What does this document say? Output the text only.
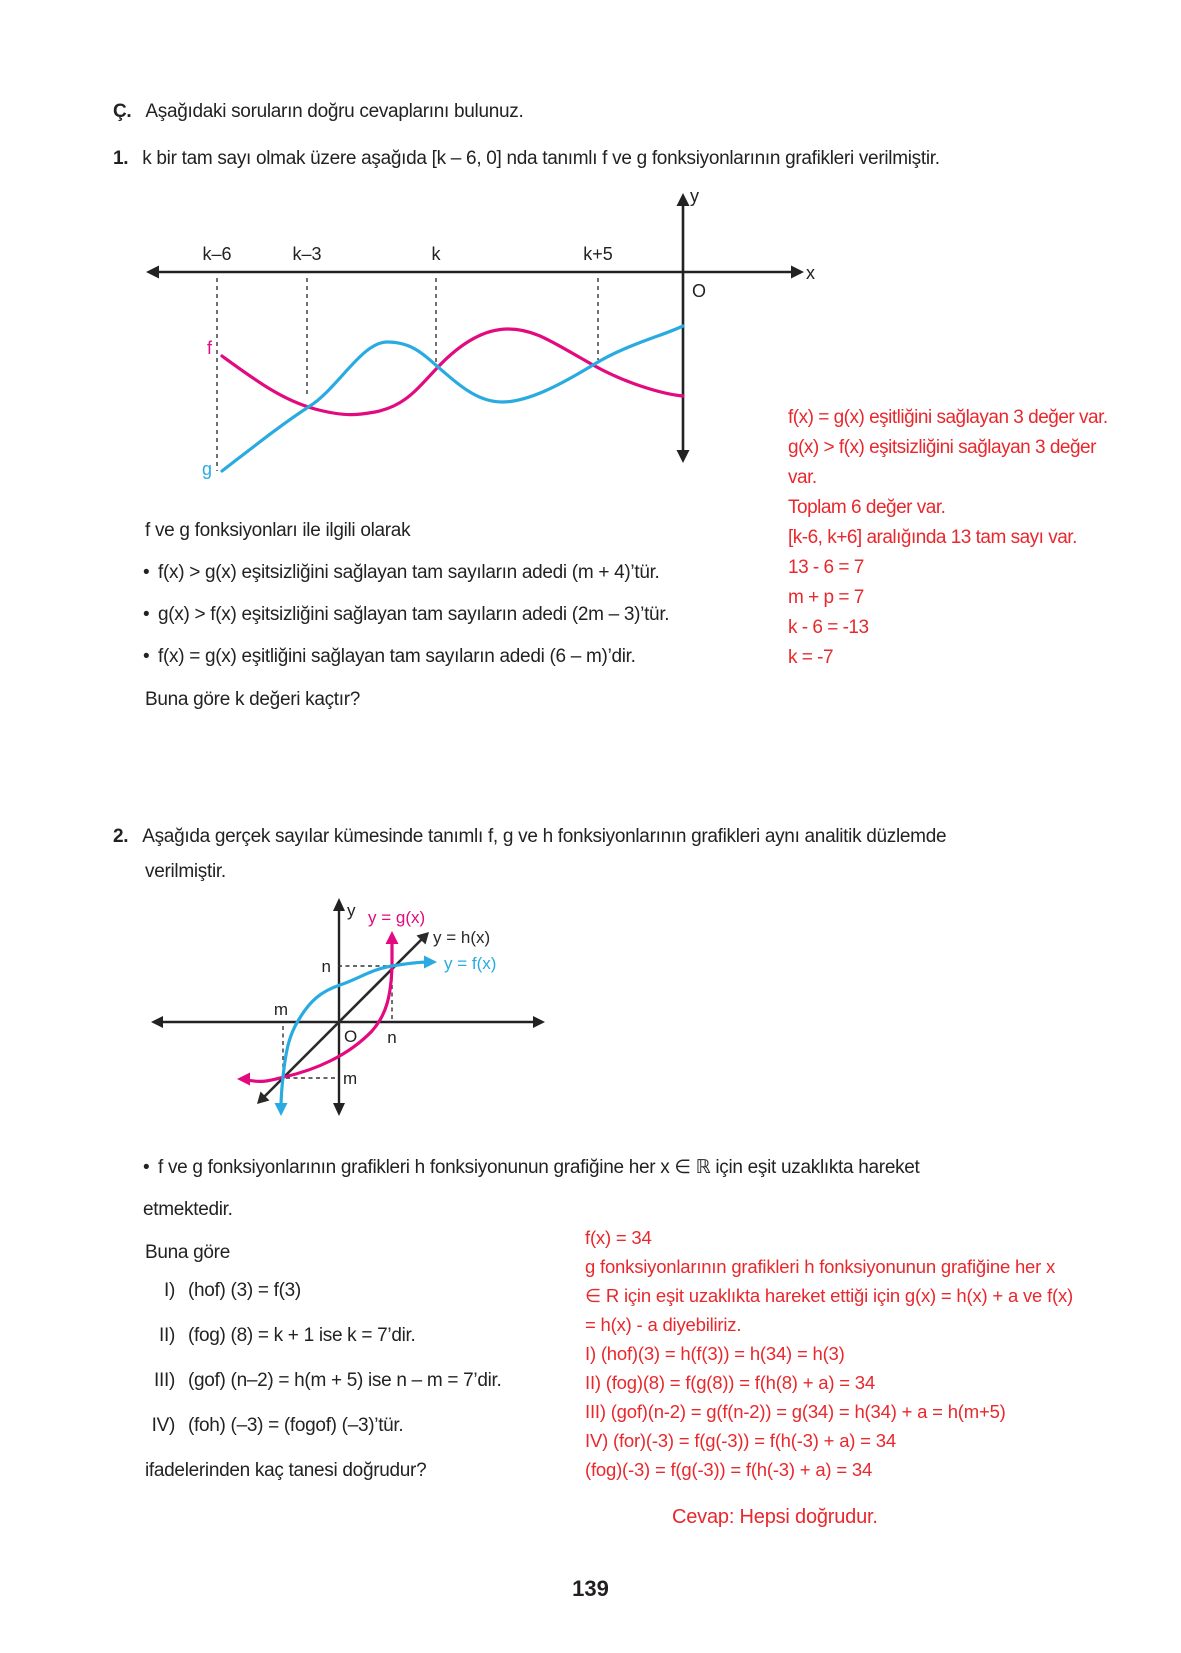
Ç. Aşağıdaki soruların doğru cevaplarını bulunuz.
1. k bir tam sayı olmak üzere aşağıda [k – 6, 0] nda tanımlı f ve g fonksiyonlarının grafikleri verilmiştir.
x
y
O
k–6	k–3	k	k+5
f
g
f(x) = g(x) eşitliğini sağlayan 3 değer var.
g(x) > f(x) eşitsizliğini sağlayan 3 değer
var.
Toplam 6 değer var.
[k-6, k+6] aralığında 13 tam sayı var.
13 - 6 = 7
m + p = 7
k - 6 = -13
k = -7
f ve g fonksiyonları ile ilgili olarak
• f(x) > g(x) eşitsizliğini sağlayan tam sayıların adedi (m + 4)’tür.
• g(x) > f(x) eşitsizliğini sağlayan tam sayıların adedi (2m – 3)’tür.
• f(x) = g(x) eşitliğini sağlayan tam sayıların adedi (6 – m)’dir.
Buna göre k değeri kaçtır?
2. Aşağıda gerçek sayılar kümesinde tanımlı f, g ve h fonksiyonlarının grafikleri aynı analitik düzlemde
verilmiştir.
y
O
y = h(x)
y = g(x)
y = f(x)
n
n
m
m
• f ve g fonksiyonlarının grafikleri h fonksiyonunun grafiğine her x ∈ ℝ için eşit uzaklıkta hareket
etmektedir.
Buna göre
I) (hof) (3) = f(3)
II) (fog) (8) = k + 1 ise k = 7’dir.
III) (gof) (n–2) = h(m + 5) ise n – m = 7’dir.
IV) (foh) (–3) = (fogof) (–3)’tür.
ifadelerinden kaç tanesi doğrudur?
f(x) = 34
g fonksiyonlarının grafikleri h fonksiyonunun grafiğine her x
∈ R için eşit uzaklıkta hareket ettiği için g(x) = h(x) + a ve f(x)
= h(x) - a diyebiliriz.
I) (hof)(3) = h(f(3)) = h(34) = h(3)
II) (fog)(8) = f(g(8)) = f(h(8) + a) = 34
III) (gof)(n-2) = g(f(n-2)) = g(34) = h(34) + a = h(m+5)
IV) (for)(-3) = f(g(-3)) = f(h(-3) + a) = 34
(fog)(-3) = f(g(-3)) = f(h(-3) + a) = 34
Cevap: Hepsi doğrudur.
139
